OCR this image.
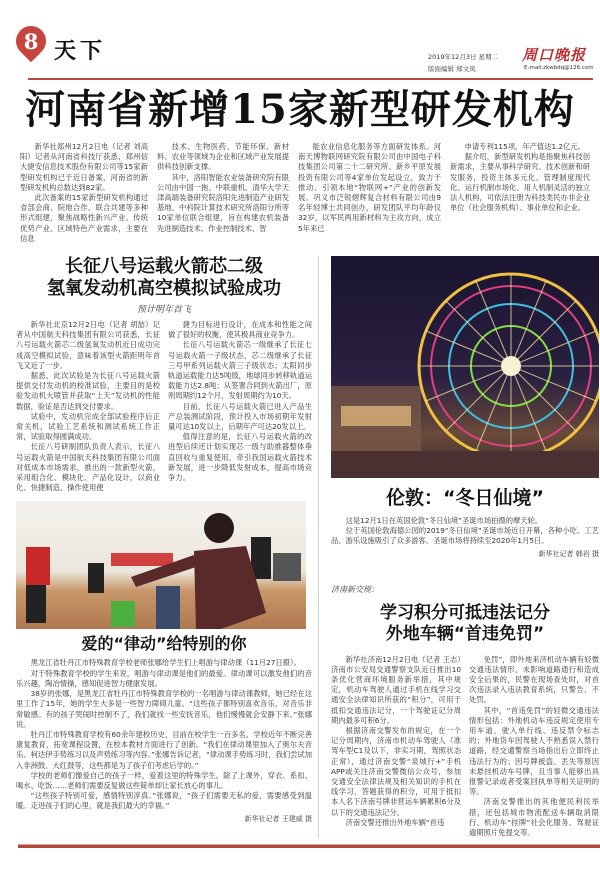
8 天下	2019年12月3日 星期二
版面编辑 郑文凤
周口晚报
E-mail:zkwbdq@126.com
河南省新增15家新型研发机构

新华社郑州12月2日电（记者 刘高阳）记者从河南省科技厅获悉，郑州信大捷安信息技术股份有限公司等15家新型研发机构已于近日备案，河南省的新型研发机构总数达到82家。

此次备案的15家新型研发机构通过省部会商、院地合作、联合共建等多种形式组建，聚焦战略性新兴产业、传统优势产业、区域特色产业需求，主要在信息

技术、生物医药、节能环保、新材料、农业等领域为企业和区域产业发展提供科技创新支撑。

其中，洛阳智能农业装备研究院有限公司由中国一拖、中联重机、清华大学天津高端装备研究院洛阳先进制造产业研发基地、中科院计算技术研究所洛阳分所等10家单位联合组建，旨在构建农机装备先进制造技术、作业控制技术、智

能农业信息化服务等方面研发体系。河南天博物联网研究院有限公司由中国电子科技集团公司第二十二研究所、新乡平原发展投资有限公司等4家单位发起设立，致力于推动、引领本地“物联网+”产业的创新发展。巩义市泛锐熠辉复合材料有限公司由9名年轻博士共同创办，研发团队平均年龄仅32岁，以军民两用新材料为主攻方向，成立5年来已

申请专利115项，年产值达1.2亿元。

据介绍，新型研发机构是指聚焦科技创新需求，主要从事科学研究、技术创新和研发服务，投资主体多元化、管理制度现代化、运行机制市场化、用人机制灵活的独立法人机构，可依法注册为科技类民办非企业单位（社会服务机构）、事业单位和企业。

长征八号运载火箭芯二级
氢氧发动机高空模拟试验成功
预计明年首飞

新华社北京12月2日电（记者 胡喆）记者从中国航天科技集团有限公司获悉，长征八号运载火箭芯二级氢氧发动机近日成功完成高空模拟试验，意味着该型火箭距明年首飞又近了一步。

据悉，此次试验是为长征八号运载火箭提供交付发动机的校准试验，主要目的是校验发动机大喷管并获取“上天”发动机的性能数据，验证是否达到交付要求。

试验中，发动机完成全部试验程序后正常关机，试验工艺系统和测试系统工作正常，试验取得圆满成功。

长征八号研制团队负责人表示，长征八号运载火箭是中国航天科技集团有限公司面对低成本市场需求，推出的一款新型火箭，采用组合化、模块化、产品化设计，以商业化、快捷制造、操作使用便

捷为目标进行设计，在成本和性能之间做了很好的权衡，使其极具商业竞争力。

长征八号运载火箭芯一级继承了长征七号运载火箭一子级状态，芯二级继承了长征三号甲系列运载火箭三子级状态；太阳同步轨道运载能力达5吨级，地球同步转移轨道运载能力达2.8吨；从签署合同到火箭出厂，原则周期约12个月，发射周期约为10天。

目前，长征八号运载火箭已进入产品生产总装测试阶段，预计投入市场初期年发射量可达10发以上，后期年产可达20发以上。

值得注意的是，长征八号运载火箭的改进型后续还计划实现芯一级与助推器整体垂直回收与重复使用，牵引我国运载火箭技术新发展，进一步降低发射成本，提高市场竞争力。

爱的“律动”给特别的你

黑龙江省牡丹江市特殊教育学校老师张娜给学生们上唱游与律动课（11月27日摄）。

对于特殊教育学校的学生来说，唱游与律动课是他们的最爱。律动课可以激发他们的音乐兴趣，陶冶情操，感知促进智力健康发展。

38岁的张娜，是黑龙江省牡丹江市特殊教育学校的一名唱游与律动课教师，她已经在这里工作了15年，她的学生大多是一些智力障碍儿童。“这些孩子都特别喜欢音乐，对音乐非常敏感。有的孩子哭闹时控制不了，我们就找一些安抚音乐，他们慢慢就会安静下来。”张娜说。

牡丹江市特殊教育学校有60余年建校历史，目前在校学生一百多名，学校近年不断完善康复教育，拓宽课程设置，在校本教材方面进行了创新。“我们在律动课里加入了奥尔夫音乐、柯达伊手势练习以及声势练习等内容。”张娜告诉记者，“律动课手势练习时，我们尝试加入非洲鼓、大红鼓等，这些都是为了孩子们考虑后学的。”

学校的老师们像爱自己的孩子一样，爱着这里的特殊学生。除了上课外，穿衣、系扣、喝水、吃饭……老师们需要反复做这些简单却让家长放心的事儿。

“这些孩子特别可爱，感情特别淳真。”张娜说，“孩子们需要无私的爱，需要感受到温暖。走进孩子们的心里，就是我们最大的幸福。”

新华社记者 王建威 摄
伦敦：“冬日仙境”

这是12月1日在英国伦敦“冬日仙境”圣诞市场拍摄的摩天轮。

位于英国伦敦海德公园的2019“冬日仙境”圣诞市场近日开幕，各种小吃、工艺品、游乐设施吸引了众多游客。圣诞市场将持续至2020年1月5日。

新华社记者 韩岩 摄
济南新交规：
学习积分可抵违法记分
外地车辆“首违免罚”

新华社济南12月2日电（记者 王志）济南市公安局交通警察支队近日推出10条优化营商环境服务新举措，其中规定，机动车驾驶人通过手机在线学习交通安全法律知识所获的“积分”，可用于抵扣交通违法记分，一个驾驶证记分周期内最多可积6分。

根据济南交警发布的规定，在一个记分周期内，济南市机动车驾驶人（准驾车型C1及以下，非实习期，驾照状态正常），通过济南交警“泉城行+”手机APP或关注济南交警微信公众号，参加交通安全法律法规及相关知识的手机在线学习，答题获得的积分，可用于抵扣本人名下济南号牌非营运车辆累积6分及以下的交通违法记分。

济南交警还推出外地车辆“首违

免罚”，即外地来济机动车辆有轻微交通违法情形，未影响道路通行和造成安全后果的，民警在现场查处时，对首次违法录入违法教育系统，只警告、不处罚。

其中，“首违免罚”的轻微交通违法情形包括：外地机动车违反规定使用专用车道、驶入单行线、违反禁令标志的；外地货车因驾驶人不熟悉误入禁行道路，经交通警察当场指出后立即终止违法行为的；因号牌被盗、丢失等原因未悬挂机动车号牌，且当事人能够出具报警记录或者受案回执单等相关证明的等。

济南交警推出的其他便民利民举措，还包括城市物流配送车辆取消限行、机动车“挂牌”社会化服务、驾驶证逾期照片免提交等。
